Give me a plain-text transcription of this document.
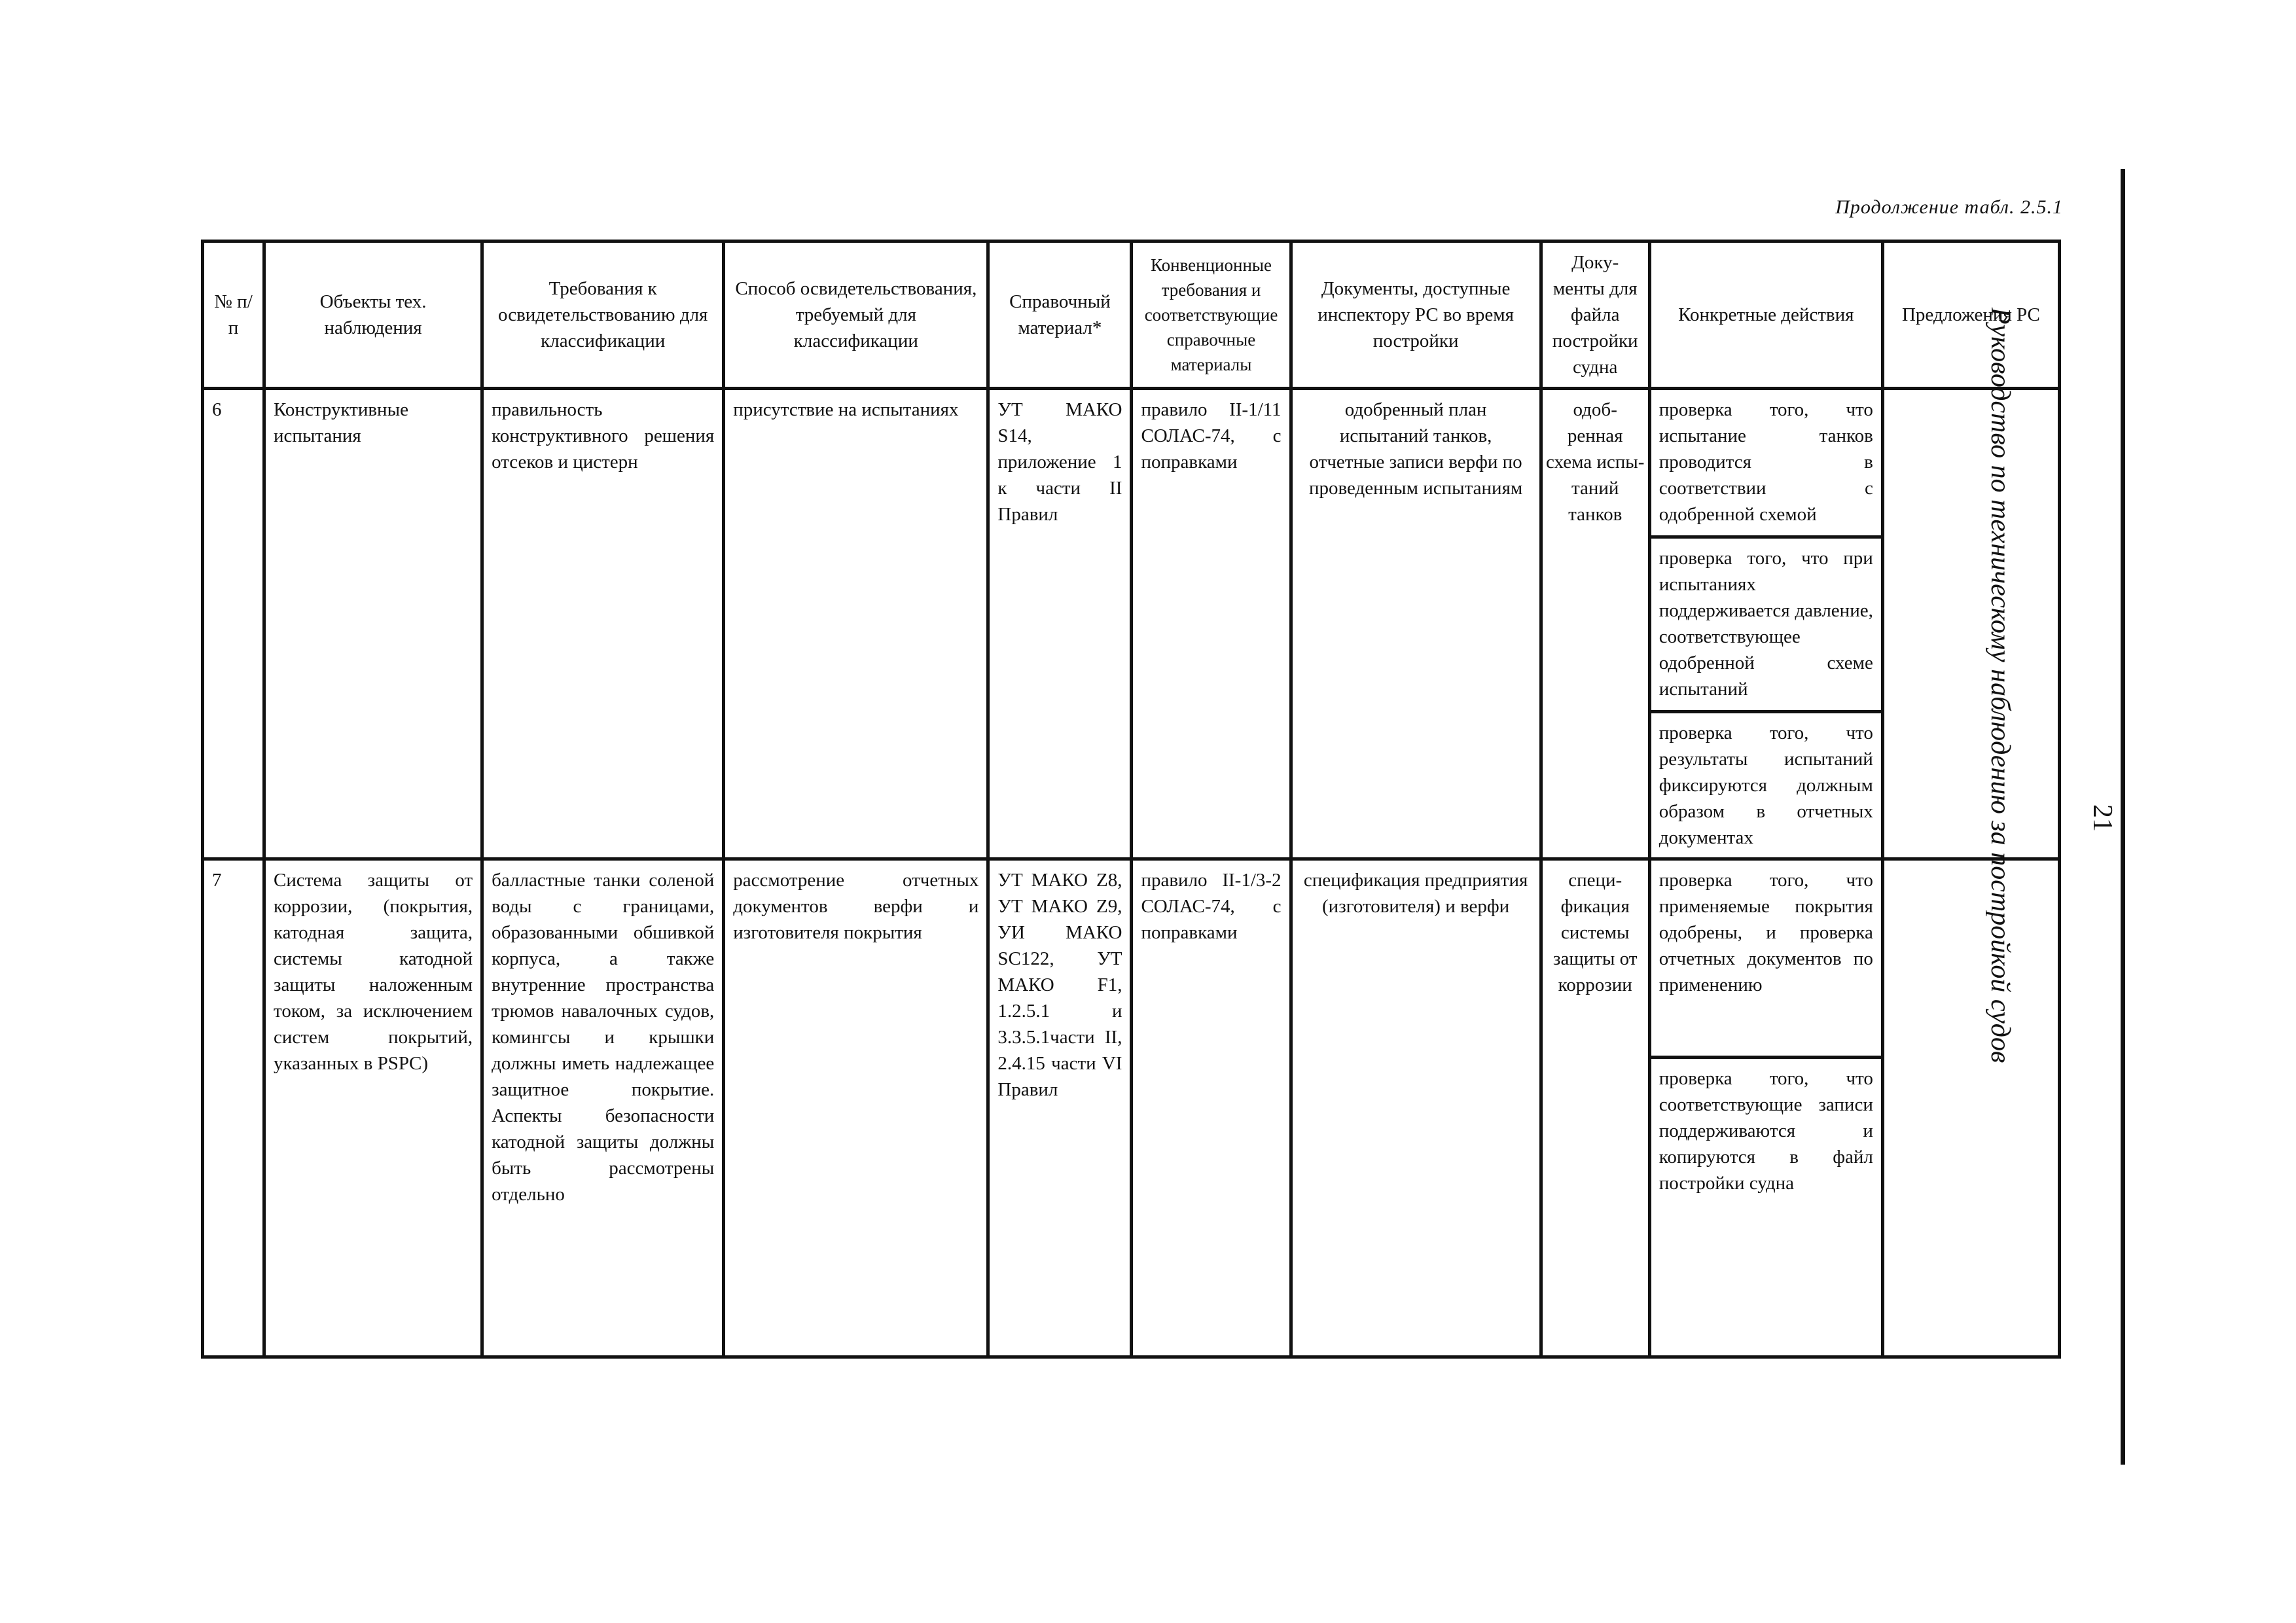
Продолжение табл. 2.5.1
№ п/п	Объекты тех. наблюдения	Требования к освидетельствованию для классификации	Способ освидетельствования, требуемый для классификации	Справочный материал*	Конвенционные требования и соответствующие справочные материалы	Документы, доступные инспектору РС во время постройки	Доку- менты для файла постройки судна	Конкретные действия	Предложения РС
6	Конструктивные испытания	правильность конструктивного решения отсеков и цистерн	присутствие на испытаниях	УТ МАКО S14, приложение 1 к части II Правил	правило II-1/11 СОЛАС-74, с поправками	одобренный план испытаний танков, отчетные записи верфи по проведенным испытаниям	одоб- ренная схема испы- таний танков	проверка того, что испытание танков проводится в соответствии с одобренной схемой
проверка того, что при испытаниях поддерживается давление, соответствующее одобренной схеме испытаний
проверка того, что результаты испытаний фиксируются должным образом в отчетных документах	

7	Система защиты от коррозии, (покрытия, катодная защита, системы катодной защиты наложенным током, за исключением систем покрытий, указанных в PSPC)	балластные танки соленой воды с границами, образованными обшивкой корпуса, а также внутренние пространства трюмов навалочных судов, комингсы и крышки должны иметь надлежащее защитное покрытие. Аспекты безопасности катодной защиты должны быть рассмотрены отдельно	рассмотрение отчетных документов верфи и изготовителя покрытия	УТ МАКО Z8, УТ МАКО Z9, УИ МАКО SC122, УТ МАКО F1, 1.2.5.1 и 3.3.5.1части II, 2.4.15 части VI Правил	правило II-1/3-2 СОЛАС-74, с поправками	спецификация предприятия (изготовителя) и верфи	специ- фикация системы защиты от коррозии	проверка того, что применяемые покрытия одобрены, и проверка отчетных документов по применению
проверка того, что соответствующие записи поддерживаются и копируются в файл постройки судна	

Руководство по техническому наблюдению за постройкой судов	21
